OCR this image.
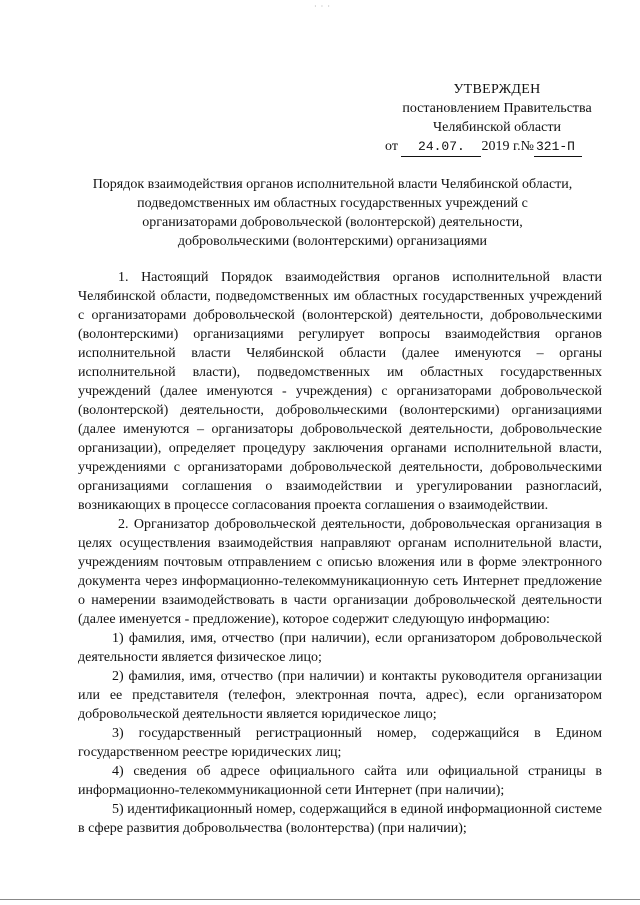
· · ·
УТВЕРЖДЕН
постановлением Правительства
Челябинской области
от 24.07. 2019 г.№ 321-П
Порядок взаимодействия органов исполнительной власти Челябинской области,
подведомственных им областных государственных учреждений с
организаторами добровольческой (волонтерской) деятельности,
добровольческими (волонтерскими) организациями

1. Настоящий Порядок взаимодействия органов исполнительной власти Челябинской области, подведомственных им областных государственных учреждений с организаторами добровольческой (волонтерской) деятельности, добровольческими (волонтерскими) организациями регулирует вопросы взаимодействия органов исполнительной власти Челябинской области (далее именуются – органы исполнительной власти), подведомственных им областных государственных учреждений (далее именуются - учреждения) с организаторами добровольческой (волонтерской) деятельности, добровольческими (волонтерскими) организациями (далее именуются – организаторы добровольческой деятельности, добровольческие организации), определяет процедуру заключения органами исполнительной власти, учреждениями с организаторами добровольческой деятельности, добровольческими организациями соглашения о взаимодействии и урегулировании разногласий, возникающих в процессе согласования проекта соглашения о взаимодействии.

2. Организатор добровольческой деятельности, добровольческая организация в целях осуществления взаимодействия направляют органам исполнительной власти, учреждениям почтовым отправлением с описью вложения или в форме электронного документа через информационно-телекоммуникационную сеть Интернет предложение о намерении взаимодействовать в части организации добровольческой деятельности (далее именуется - предложение), которое содержит следующую информацию:

1) фамилия, имя, отчество (при наличии), если организатором добровольческой деятельности является физическое лицо;

2) фамилия, имя, отчество (при наличии) и контакты руководителя организации или ее представителя (телефон, электронная почта, адрес), если организатором добровольческой деятельности является юридическое лицо;

3) государственный регистрационный номер, содержащийся в Едином государственном реестре юридических лиц;

4) сведения об адресе официального сайта или официальной страницы в информационно-телекоммуникационной сети Интернет (при наличии);

5) идентификационный номер, содержащийся в единой информационной системе в сфере развития добровольчества (волонтерства) (при наличии);
